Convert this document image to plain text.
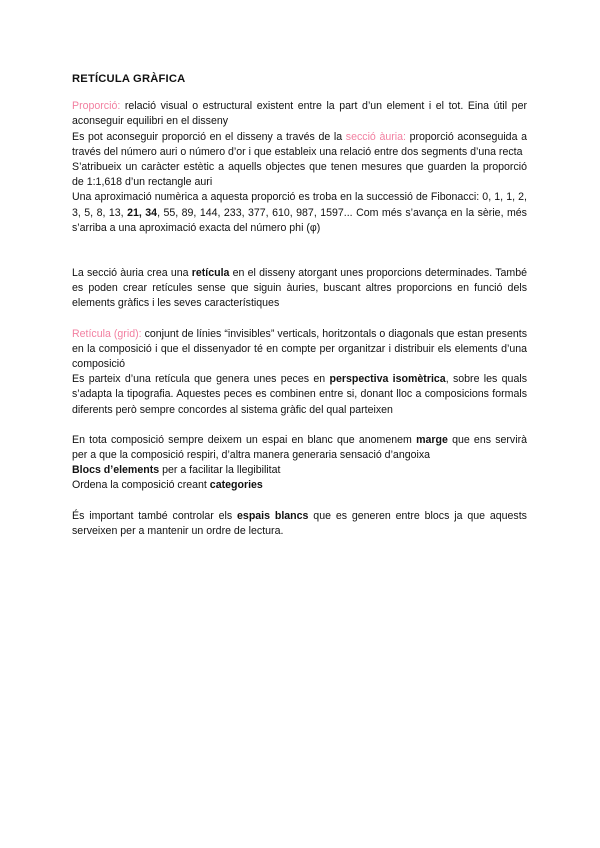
RETÍCULA GRÀFICA

Proporció: relació visual o estructural existent entre la part d’un element i el tot. Eina útil per aconseguir equilibri en el disseny

Es pot aconseguir proporció en el disseny a través de la secció àuria: proporció aconseguida a través del número auri o número d’or i que estableix una relació entre dos segments d’una recta

S’atribueix un caràcter estètic a aquells objectes que tenen mesures que guarden la proporció de 1:1,618 d’un rectangle auri

Una aproximació numèrica a aquesta proporció es troba en la successió de Fibonacci: 0, 1, 1, 2, 3, 5, 8, 13, 21, 34, 55, 89, 144, 233, 377, 610, 987, 1597... Com més s’avança en la sèrie, més s’arriba a una aproximació exacta del número phi (φ)

La secció àuria crea una retícula en el disseny atorgant unes proporcions determinades. També es poden crear retícules sense que siguin àuries, buscant altres proporcions en funció dels elements gràfics i les seves característiques

Retícula (grid): conjunt de línies “invisibles” verticals, horitzontals o diagonals que estan presents en la composició i que el dissenyador té en compte per organitzar i distribuir els elements d’una composició

Es parteix d’una retícula que genera unes peces en perspectiva isomètrica, sobre les quals s’adapta la tipografia. Aquestes peces es combinen entre si, donant lloc a composicions formals diferents però sempre concordes al sistema gràfic del qual parteixen

En tota composició sempre deixem un espai en blanc que anomenem marge que ens servirà per a que la composició respiri, d’altra manera generaria sensació d’angoixa

Blocs d’elements per a facilitar la llegibilitat

Ordena la composició creant categories

És important també controlar els espais blancs que es generen entre blocs ja que aquests serveixen per a mantenir un ordre de lectura.
